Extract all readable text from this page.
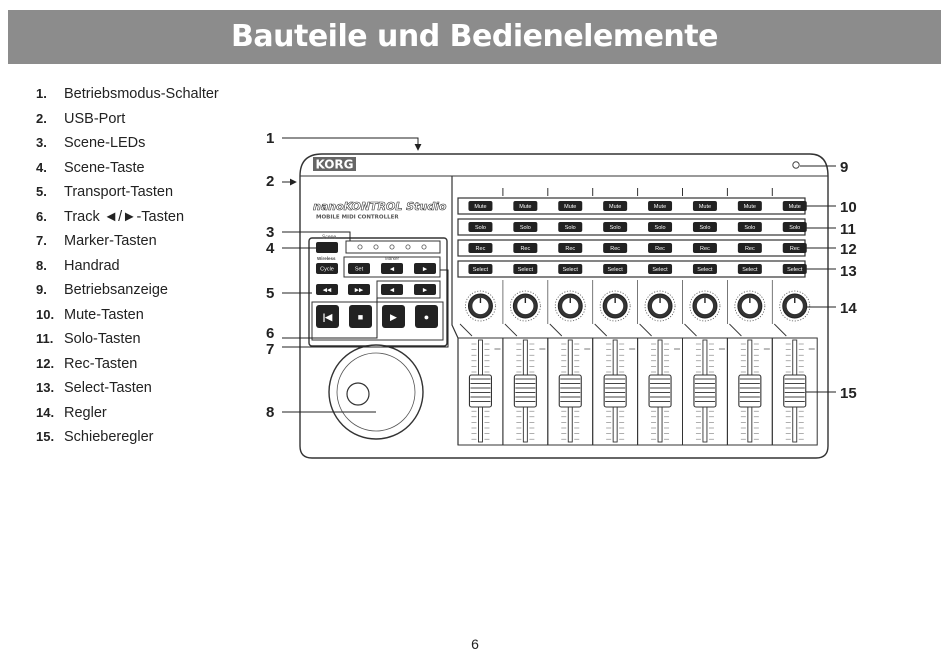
Bauteile und Bedienelemente
1. Betriebsmodus-Schalter
2. USB-Port
3. Scene-LEDs
4. Scene-Taste
5. Transport-Tasten
6. Track ◄/►-Tasten
7. Marker-Tasten
8. Handrad
9. Betriebsanzeige
10. Mute-Tasten
11. Solo-Tasten
12. Rec-Tasten
13. Select-Tasten
14. Regler
15. Schieberegler
KORG
nanoKONTROL Studio
MOBILE MIDI CONTROLLER
Scene
Wireless
Cycle
Marker
Set	◀	▶
◀◀	▶▶	◀	▶
|◀	■	▶	●
Mute
Solo
Rec
Select
Mute
Solo
Rec
Select
Mute
Solo
Rec
Select
Mute
Solo
Rec
Select
Mute
Solo
Rec
Select
Mute
Solo
Rec
Select
Mute
Solo
Rec
Select
Mute
Solo
Rec
Select
1
2
3
4
5
6
7
8
9
10
11
12
13
14
15
6
